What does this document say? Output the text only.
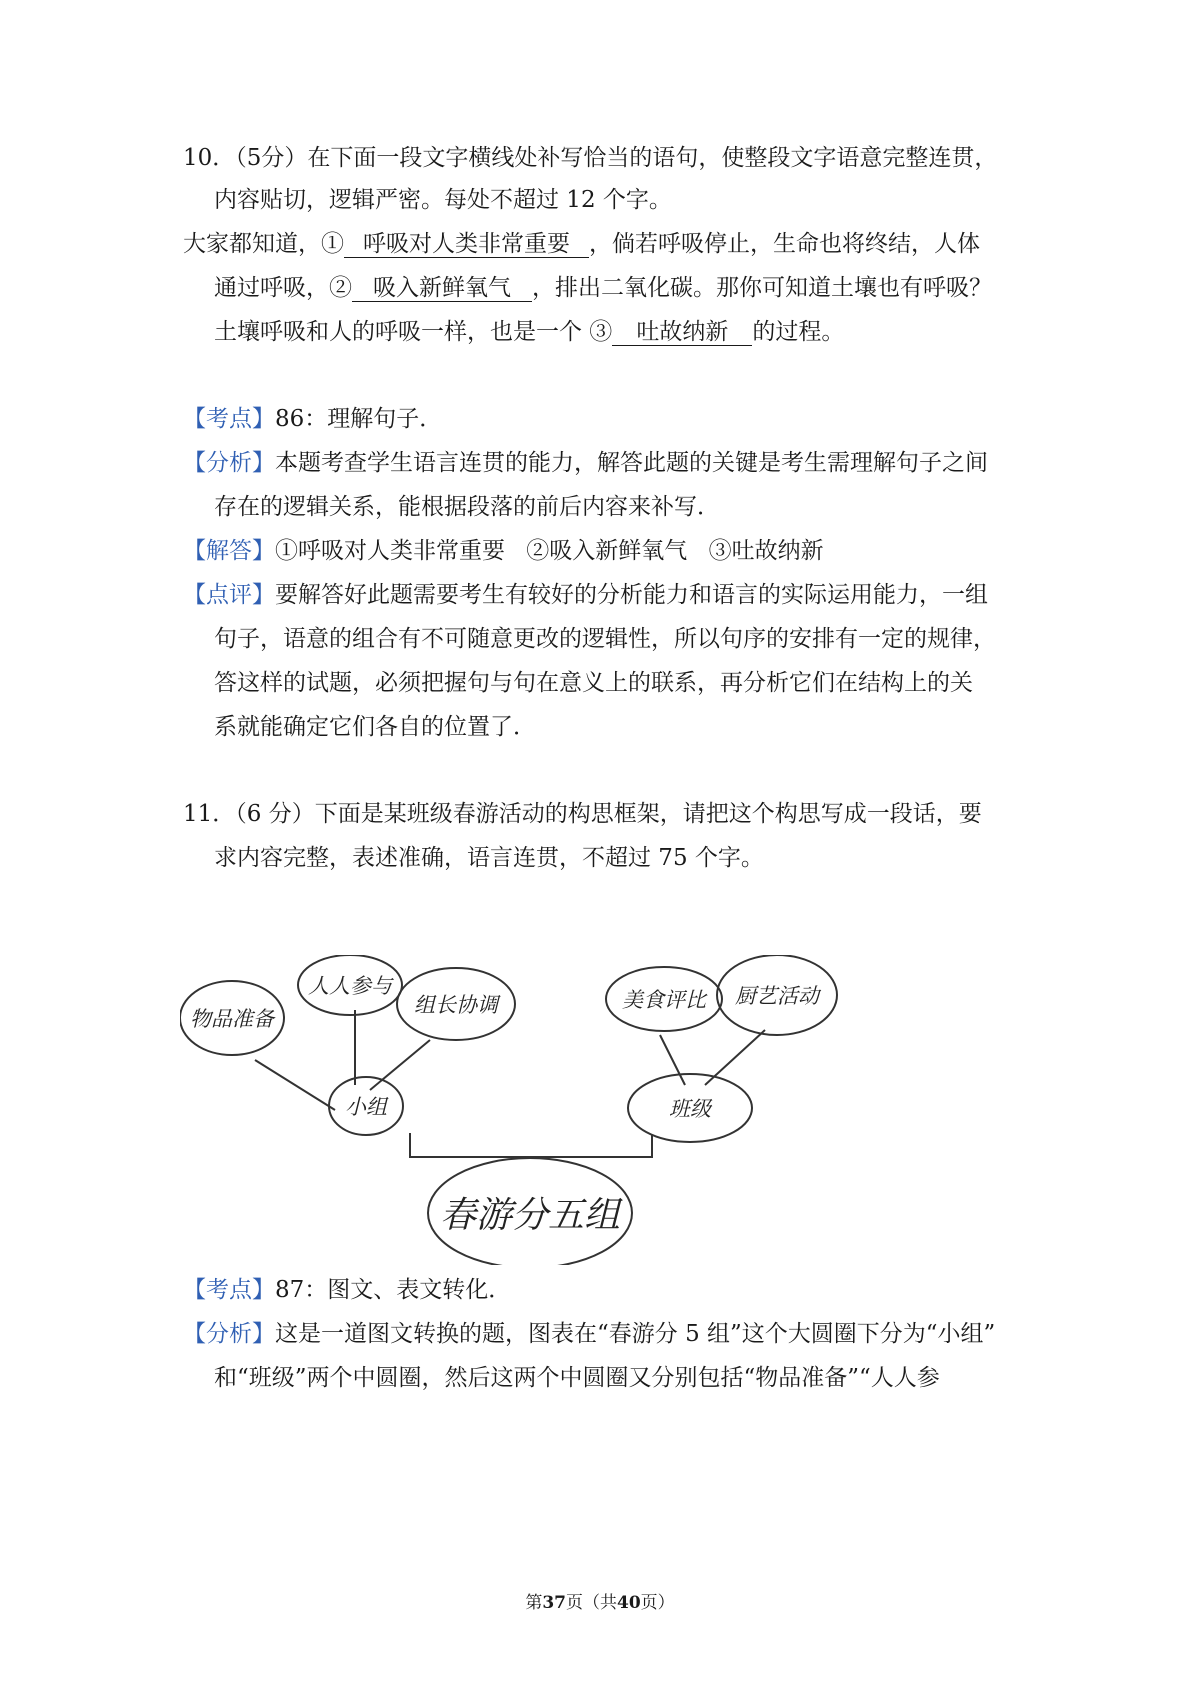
10．（5分）在下面一段文字横线处补写恰当的语句，使整段文字语意完整连贯，
内容贴切，逻辑严密。每处不超过 12 个字。
大家都知道，① 呼吸对人类非常重要 ，倘若呼吸停止，生命也将终结，人体
通过呼吸，② 吸入新鲜氧气 ，排出二氧化碳。那你可知道土壤也有呼吸？
土壤呼吸和人的呼吸一样，也是一个 ③ 吐故纳新 的过程。
【考点】86：理解句子．
【分析】本题考查学生语言连贯的能力，解答此题的关键是考生需理解句子之间
存在的逻辑关系，能根据段落的前后内容来补写．
【解答】①呼吸对人类非常重要 ②吸入新鲜氧气 ③吐故纳新
【点评】要解答好此题需要考生有较好的分析能力和语言的实际运用能力，一组
句子，语意的组合有不可随意更改的逻辑性，所以句序的安排有一定的规律，
答这样的试题，必须把握句与句在意义上的联系，再分析它们在结构上的关
系就能确定它们各自的位置了．
11．（6 分）下面是某班级春游活动的构思框架，请把这个构思写成一段话，要
求内容完整，表述准确，语言连贯，不超过 75 个字。
物品准备
人人参与
组长协调	美食评比 厨艺活动
小组	班级
春游分五组
【考点】87：图文、表文转化．
【分析】这是一道图文转换的题，图表在“春游分 5 组”这个大圆圈下分为“小组”
和“班级”两个中圆圈，然后这两个中圆圈又分别包括“物品准备”“人人参
第37页（共40页）
